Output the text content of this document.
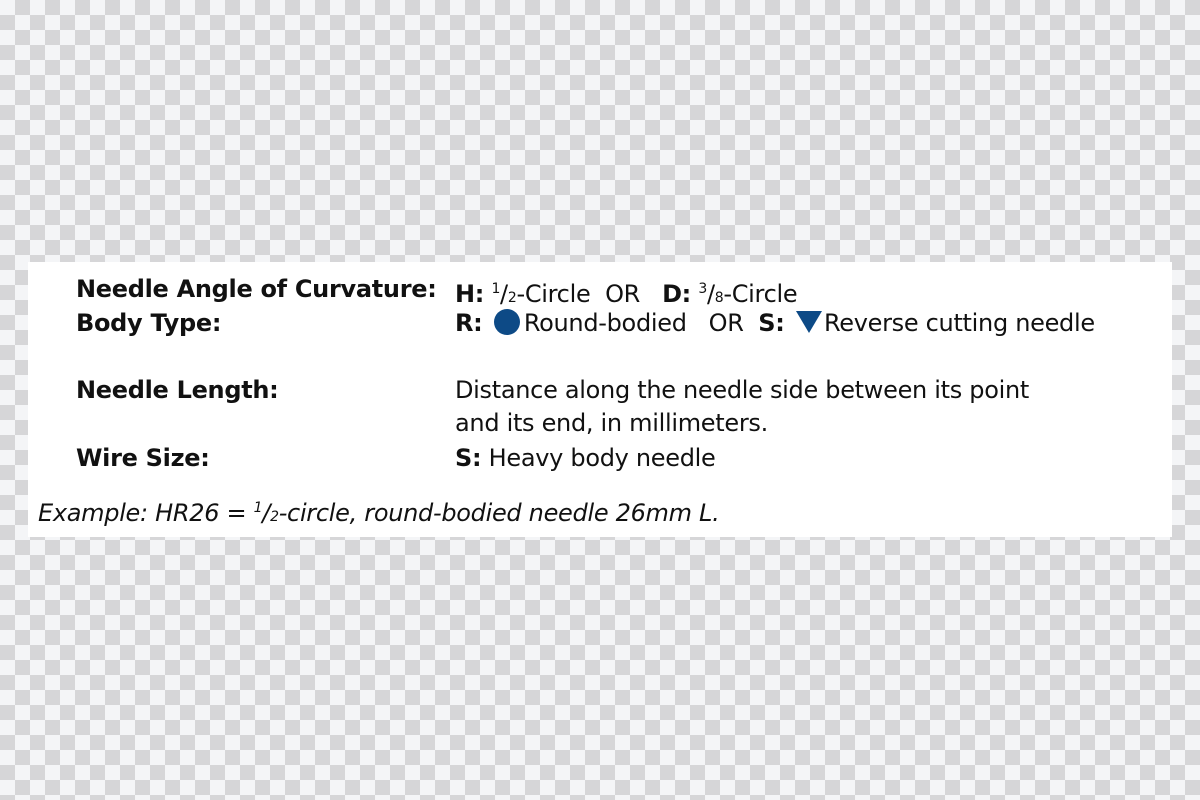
Needle Angle of Curvature: H: $^1$/2-Circle OR D: $^3$/8-Circle
Body Type:	R: Round-bodied OR S: Reverse cutting needle
Needle Length:	Distance along the needle side between its point
and its end, in millimeters.
Wire Size:	S: Heavy body needle
Example: HR26 = $^1$/2-circle, round-bodied needle 26mm L.
